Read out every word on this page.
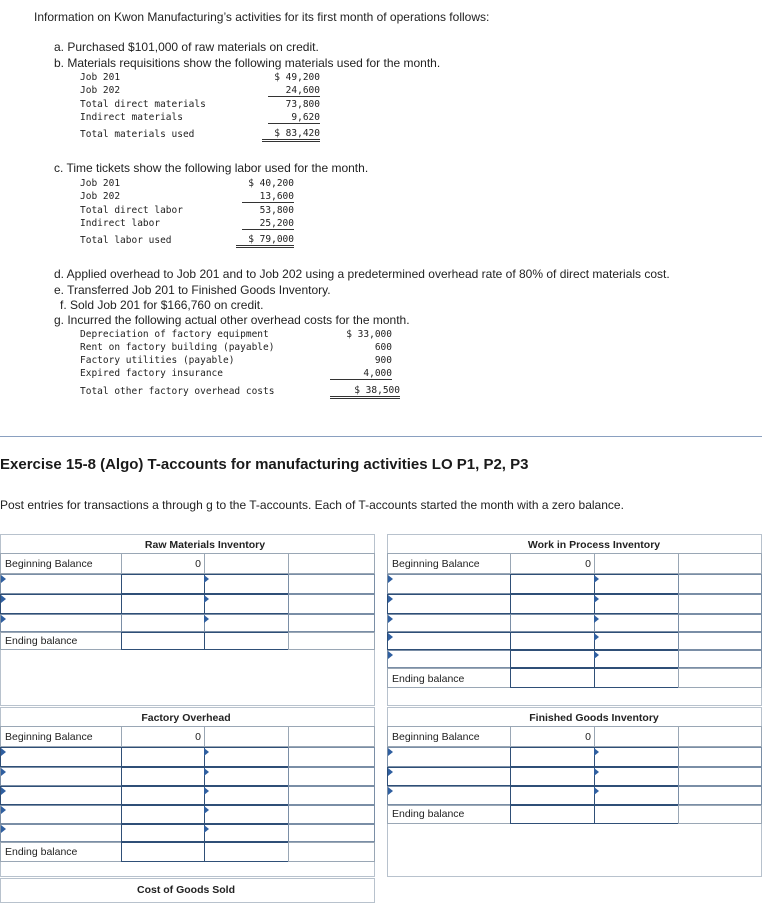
Information on Kwon Manufacturing’s activities for its first month of operations follows:
a. Purchased $101,000 of raw materials on credit.
b. Materials requisitions show the following materials used for the month.
Job 201	$ 49,200
Job 202	24,600
Total direct materials	73,800
Indirect materials	9,620
Total materials used	$ 83,420
c. Time tickets show the following labor used for the month.
Job 201	$ 40,200
Job 202	13,600
Total direct labor	53,800
Indirect labor	25,200
Total labor used	$ 79,000
d. Applied overhead to Job 201 and to Job 202 using a predetermined overhead rate of 80% of direct materials cost.
e. Transferred Job 201 to Finished Goods Inventory.
f. Sold Job 201 for $166,760 on credit.
g. Incurred the following actual other overhead costs for the month.
Depreciation of factory equipment	$ 33,000
Rent on factory building (payable)	600
Factory utilities (payable)	900
Expired factory insurance	4,000
Total other factory overhead costs	$ 38,500
Exercise 15-8 (Algo) T-accounts for manufacturing activities LO P1, P2, P3
Post entries for transactions a through g to the T-accounts. Each of T-accounts started the month with a zero balance.
Raw Materials Inventory
Beginning Balance	0
Ending balance
Work in Process Inventory
Beginning Balance	0
Ending balance
Factory Overhead
Beginning Balance	0
Ending balance
Finished Goods Inventory
Beginning Balance	0
Ending balance
Cost of Goods Sold
